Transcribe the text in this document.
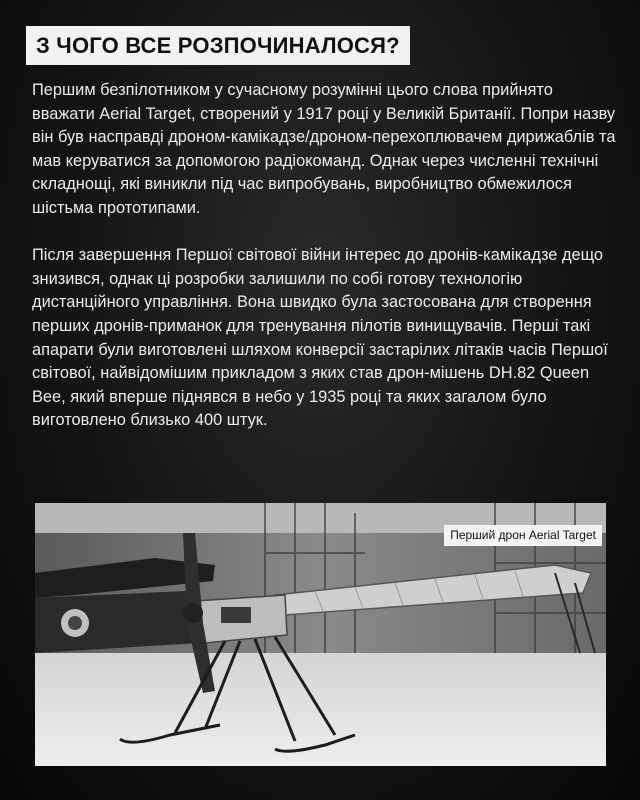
З ЧОГО ВСЕ РОЗПОЧИНАЛОСЯ?

Першим безпілотником у сучасному розумінні цього слова прийнято вважати Aerial Target, створений у 1917 році у Великій Британії. Попри назву він був насправді дроном-камікадзе/дроном-перехоплювачем дирижаблів та мав керуватися за допомогою радіокоманд. Однак через численні технічні складнощі, які виникли під час випробувань, виробництво обмежилося шістьма прототипами.

Після завершення Першої світової війни інтерес до дронів-камікадзе дещо знизився, однак ці розробки залишили по собі готову технологію дистанційного управління. Вона швидко була застосована для створення перших дронів-приманок для тренування пілотів винищувачів. Перші такі апарати були виготовлені шляхом конверсії застарілих літаків часів Першої світової, найвідомішим прикладом з яких став дрон-мішень DH.82 Queen Bee, який вперше піднявся в небо у 1935 році та яких загалом було виготовлено близько 400 штук.

Перший дрон Aerial Target
